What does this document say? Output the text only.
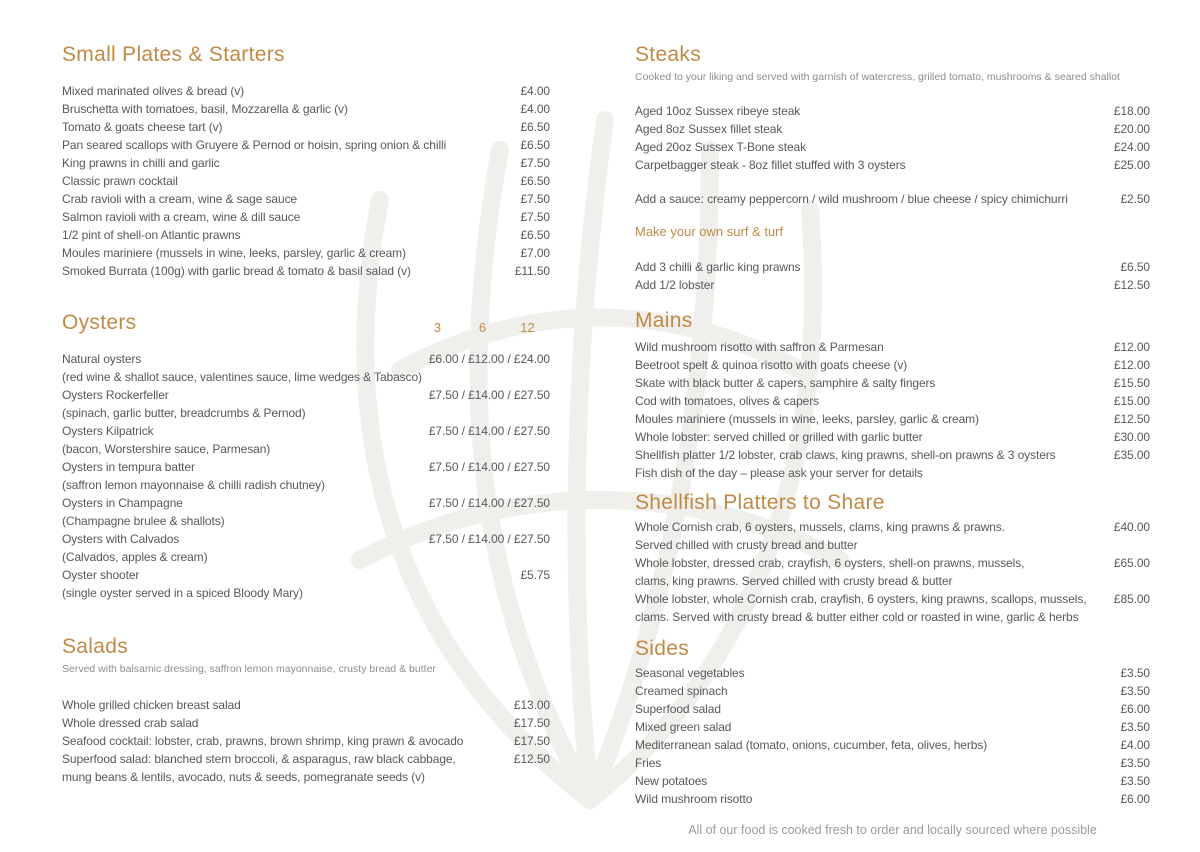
Small Plates & Starters
Mixed marinated olives & bread (v)	£4.00
Bruschetta with tomatoes, basil, Mozzarella & garlic (v)	£4.00
Tomato & goats cheese tart (v)	£6.50
Pan seared scallops with Gruyere & Pernod or hoisin, spring onion & chilli	£6.50
King prawns in chilli and garlic	£7.50
Classic prawn cocktail	£6.50
Crab ravioli with a cream, wine & sage sauce	£7.50
Salmon ravioli with a cream, wine & dill sauce	£7.50
1/2 pint of shell-on Atlantic prawns	£6.50
Moules mariniere (mussels in wine, leeks, parsley, garlic & cream)	£7.00
Smoked Burrata (100g) with garlic bread & tomato & basil salad (v)	£11.50
Oysters	3	6	12
Natural oysters	£6.00 / £12.00 / £24.00
(red wine & shallot sauce, valentines sauce, lime wedges & Tabasco)
Oysters Rockerfeller	£7.50 / £14.00 / £27.50
(spinach, garlic butter, breadcrumbs & Pernod)
Oysters Kilpatrick	£7.50 / £14.00 / £27.50
(bacon, Worstershire sauce, Parmesan)
Oysters in tempura batter	£7.50 / £14.00 / £27.50
(saffron lemon mayonnaise & chilli radish chutney)
Oysters in Champagne	£7.50 / £14.00 / £27.50
(Champagne brulee & shallots)
Oysters with Calvados	£7.50 / £14.00 / £27.50
(Calvados, apples & cream)
Oyster shooter	£5.75
(single oyster served in a spiced Bloody Mary)
Salads
Served with balsamic dressing, saffron lemon mayonnaise, crusty bread & butter
Whole grilled chicken breast salad	£13.00
Whole dressed crab salad	£17.50
Seafood cocktail: lobster, crab, prawns, brown shrimp, king prawn & avocado	£17.50
Superfood salad: blanched stem broccoli, & asparagus, raw black cabbage,	£12.50
mung beans & lentils, avocado, nuts & seeds, pomegranate seeds (v)
Steaks
Cooked to your liking and served with garnish of watercress, grilled tomato, mushrooms & seared shallot
Aged 10oz Sussex ribeye steak	£18.00
Aged 8oz Sussex fillet steak	£20.00
Aged 20oz Sussex T-Bone steak	£24.00
Carpetbagger steak - 8oz fillet stuffed with 3 oysters	£25.00
Add a sauce: creamy peppercorn / wild mushroom / blue cheese / spicy chimichurri	£2.50
Make your own surf & turf
Add 3 chilli & garlic king prawns	£6.50
Add 1/2 lobster	£12.50
Mains
Wild mushroom risotto with saffron & Parmesan	£12.00
Beetroot spelt & quinoa risotto with goats cheese (v)	£12.00
Skate with black butter & capers, samphire & salty fingers	£15.50
Cod with tomatoes, olives & capers	£15.00
Moules mariniere (mussels in wine, leeks, parsley, garlic & cream)	£12.50
Whole lobster: served chilled or grilled with garlic butter	£30.00
Shellfish platter 1/2 lobster, crab claws, king prawns, shell-on prawns & 3 oysters	£35.00
Fish dish of the day – please ask your server for details
Shellfish Platters to Share
Whole Cornish crab, 6 oysters, mussels, clams, king prawns & prawns.	£40.00
Served chilled with crusty bread and butter
Whole lobster, dressed crab, crayfish, 6 oysters, shell-on prawns, mussels,	£65.00
clams, king prawns. Served chilled with crusty bread & butter
Whole lobster, whole Cornish crab, crayfish, 6 oysters, king prawns, scallops, mussels,	£85.00
clams. Served with crusty bread & butter either cold or roasted in wine, garlic & herbs
Sides
Seasonal vegetables	£3.50
Creamed spinach	£3.50
Superfood salad	£6.00
Mixed green salad	£3.50
Mediterranean salad (tomato, onions, cucumber, feta, olives, herbs)	£4.00
Fries	£3.50
New potatoes	£3.50
Wild mushroom risotto	£6.00
All of our food is cooked fresh to order and locally sourced where possible
